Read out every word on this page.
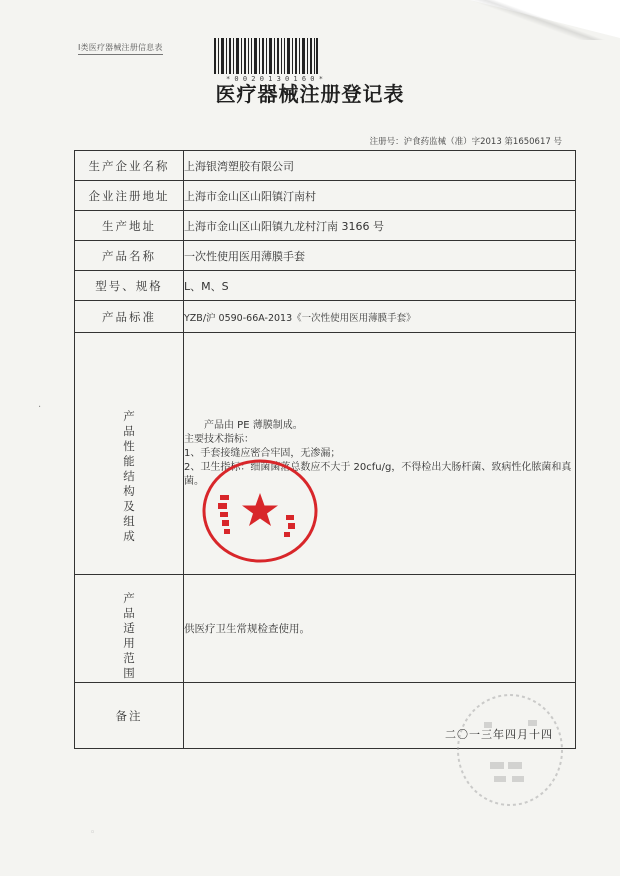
I类医疗器械注册信息表
* 0 0 2 0 1 3 0 1 6 0 *
医疗器械注册登记表
注册号：沪食药监械（准）字2013 第1650617 号
生产企业名称	上海银湾塑胶有限公司
企业注册地址	上海市金山区山阳镇汀南村
生产地址	上海市金山区山阳镇九龙村汀南 3166 号
产品名称	一次性使用医用薄膜手套
型号、规格	L、M、S
产品标准	YZB/沪 0590-66A-2013《一次性使用医用薄膜手套》
产品性能结构及组成	产品由 PE 薄膜制成。
主要技术指标：
1、手套接缝应密合牢固，无渗漏；
2、卫生指标：细菌菌落总数应不大于 20cfu/g，不得检出大肠杆菌、致病性化脓菌和真菌。

产品适用范围	供医疗卫生常规检查使用。
备注	二〇一三年四月十四
·
◦
